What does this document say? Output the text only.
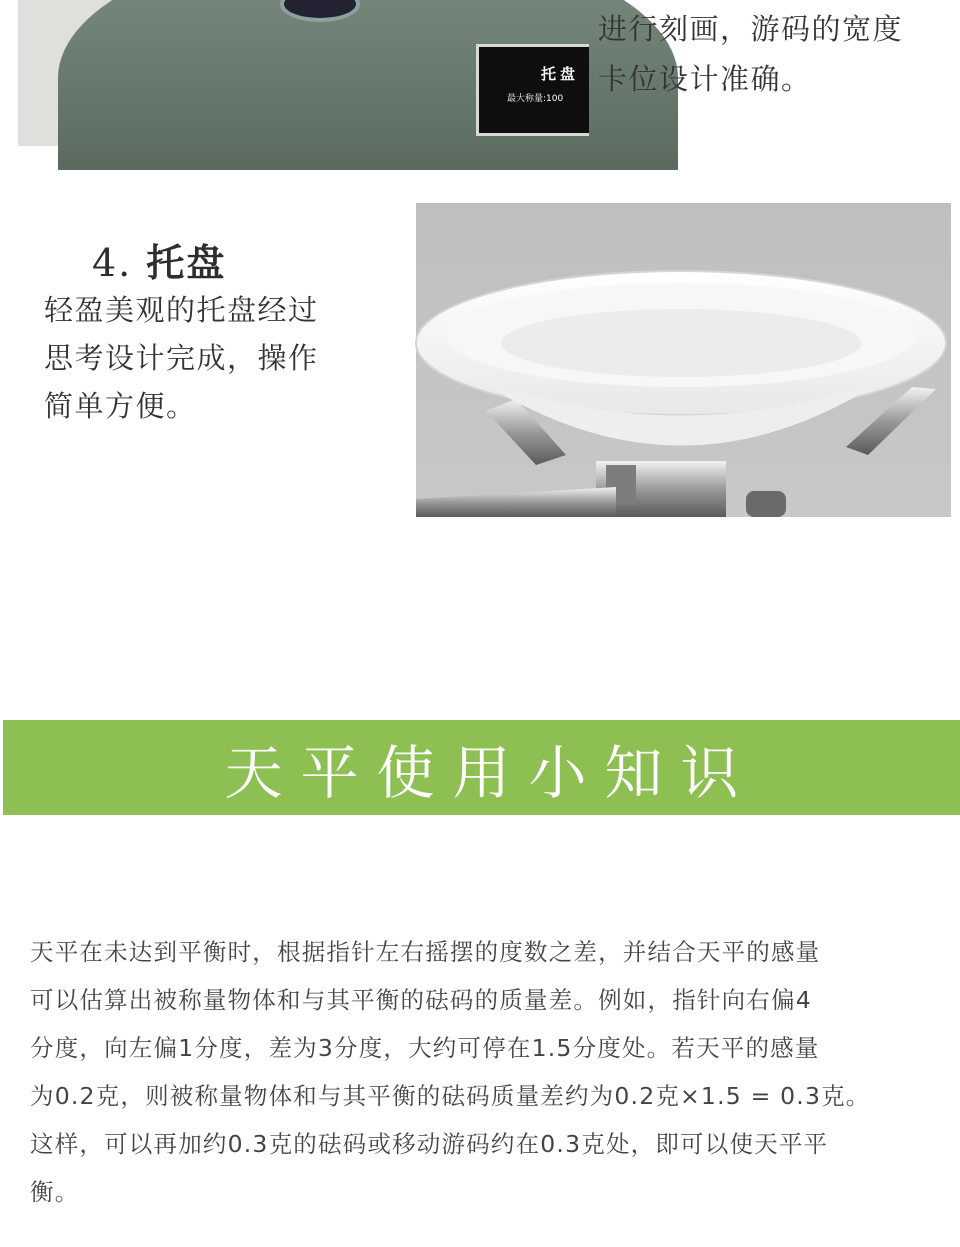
托盘
最大称量:100
进行刻画，游码的宽度
卡位设计准确。
4. 托盘
轻盈美观的托盘经过
思考设计完成，操作
简单方便。
天平使用小知识

天平在未达到平衡时，根据指针左右摇摆的度数之差，并结合天平的感量

可以估算出被称量物体和与其平衡的砝码的质量差。例如，指针向右偏4

分度，向左偏1分度，差为3分度，大约可停在1.5分度处。若天平的感量

为0.2克，则被称量物体和与其平衡的砝码质量差约为0.2克×1.5 = 0.3克。

这样，可以再加约0.3克的砝码或移动游码约在0.3克处，即可以使天平平

衡。
